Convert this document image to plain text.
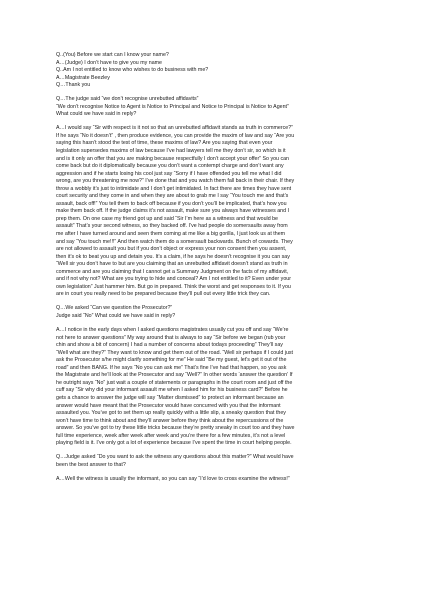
Q..(You) Before we start can I know your name?
A…(Judge) I don’t have to give you my name
Q..Am I not entitled to know who wishes to do business with me?
A…Magistrate Beezley
Q…Thank you
Q…The judge said “we don’t recognise unrebutted affidavits”
“We don’t recognise Notice to Agent is Notice to Principal and Notice to Principal is Notice to Agent”
What could we have said in reply?
A…I would say “Sir with respect is it not so that an unrebutted affidavit stands as truth in commerce?”
If he says “No it doesn’t” , then produce evidence, you can provide the maxim of law and say “Are you
saying this hasn’t stood the test of time, these maxims of law? Are you saying that even your
legislation supersedes maxims of law because I’ve had lawyers tell me they don’t sir, so which is it
and is it only an offer that you are making because respectfully I don’t accept your offer” So you can
come back but do it diplomatically because you don’t want a contempt charge and don’t want any
aggression and if he starts losing his cool just say “Sorry if I have offended you tell me what I did
wrong, are you threatening me now?” I’ve done that and you watch them fall back in their chair. If they
throw a wobbly it’s just to intimidate and I don’t get intimidated. In fact there are times they have sent
court security and they come in and when they are about to grab me I say “You touch me and that’s
assault, back off!” You tell them to back off because if you don’t you’ll be implicated, that’s how you
make them back off. If the judge claims it’s not assault, make sure you always have witnesses and I
prep them. On one case my friend got up and said “Sir I’m here as a witness and that would be
assault” That’s your second witness, so they backed off. I’ve had people do somersaults away from
me after I have turned around and seen them coming at me like a big gorilla, I just look us at them
and say “You touch me!!!” And then watch them do a somersault backwards. Bunch of cowards. They
are not allowed to assault you but if you don’t object or express your non consent then you assent,
then it’s ok to beat you up and detain you. It’s a claim, if he says he doesn’t recognise it you can say
“Well sir you don’t have to but are you claiming that an unrebutted affidavit doesn’t stand as truth in
commerce and are you claiming that I cannot get a Summary Judgment on the facts of my affidavit,
and if not why not? What are you trying to hide and conceal? Am I not entitled to it? Even under your
own legislation” Just hammer him. But go in prepared. Think the worst and get responses to it. If you
are in court you really need to be prepared because they’ll pull out every little trick they can.
Q…We asked “Can we question the Prosecutor?”
Judge said “No” What could we have said in reply?
A…I notice in the early days when I asked questions magistrates usually cut you off and say “We’re
not here to answer questions” My way around that is always to say “Sir before we began (rub your
chin and show a bit of concern) I had a number of concerns about todays proceeding” They’ll say
“Well what are they?” They want to know and get them out of the road. “Well sir perhaps if I could just
ask the Prosecutor s/he might clarify something for me” He said “Be my guest, let’s get it out of the
road” and then BANG. If he says “No you can ask me” That’s fine I’ve had that happen, so you ask
the Magistrate and he’ll look at the Prosecutor and say “Well?” In other words ‘answer the question’ If
he outright says “No” just wait a couple of statements or paragraphs in the court room and just off the
cuff say “Sir why did your informant assault me when I asked him for his business card?” Before he
gets a chance to answer the judge will say “Matter dismissed” to protect an informant because an
answer would have meant that the Prosecutor would have concurred with you that the informant
assaulted you. You’ve got to set them up really quickly with a little slip, a sneaky question that they
won’t have time to think about and they’ll answer before they think about the repercussions of the
answer. So you’ve got to try these little tricks because they’re pretty sneaky in court too and they have
full time experience, week after week after week and you’re there for a few minutes, it’s not a level
playing field is it. I’ve only got a lot of experience because I’ve spent the time in court helping people.
Q…Judge asked “Do you want to ask the witness any questions about this matter?” What would have
been the best answer to that?
A…Well the witness is usually the informant, so you can say “I’d love to cross examine the witness!”
